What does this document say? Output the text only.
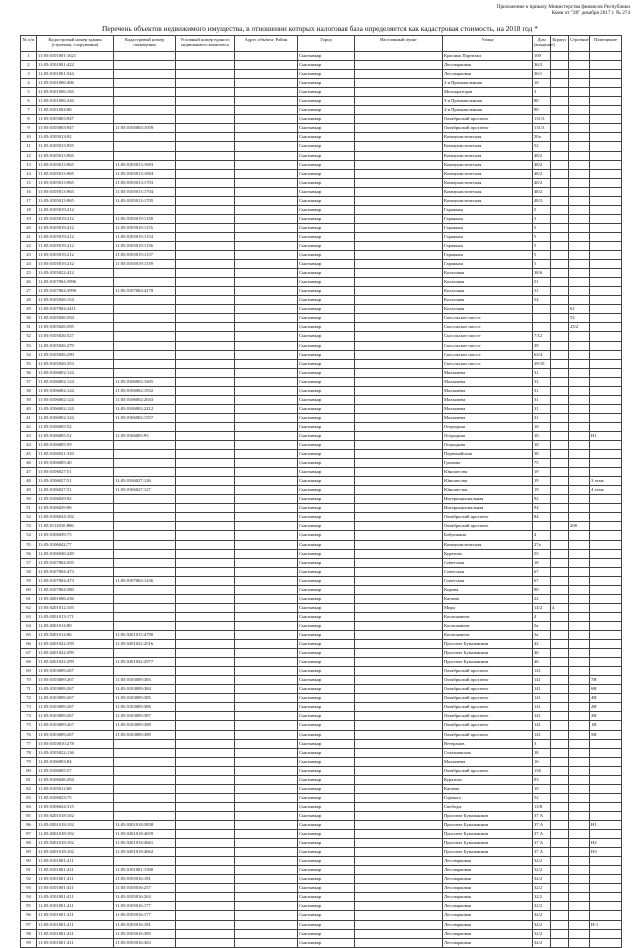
Приложение к приказу Министерства финансов Республики
Коми от "28" декабря 2017 г. № 274
Перечень объектов недвижимого имущества, в отношении которых налоговая база определяется как кадастровая стоимость, на 2018 год *
№ п/п	Кадастровый номер здания (строения, сооружения)	Кадастровый номер помещения	Условный номер единого недвижимого комплекса	Адрес объекта: Район	Город	Населенный пункт	Улица	Дом (владение)	Корпус	Строение	Помещение
1	11:05:0101001:1621				Сыктывкар		Красных Партизан	100			
2	11:05:0101001:422				Сыктывкар		Лесопарковая	36/2			
3	11:05:0101001:544				Сыктывкар		Лесопарковая	36/1			
4	11:05:0101006:406				Сыктывкар		2-я Промышленная	10			
5	11:05:0101006:165				Сыктывкар		Мелиораторов	3			
6	11:05:0101006:326				Сыктывкар		3-я Промышленная	80			
7	11:05:0101004:86				Сыктывкар		4-я Промышленная	80			
8	11:05:0105003:947				Сыктывкар		Октябрьский проспект	131/3			
9	11:05:0105003:947	11:05:0105003:1059			Сыктывкар		Октябрьский проспект	131/3			
10	11:05:0105013:92				Сыктывкар		Коммунистическая	50а			
11	11:05:0105013:955				Сыктывкар		Коммунистическая	52			
12	11:05:0105013:965				Сыктывкар		Коммунистическая	48/2			
13	11:05:0105013:965	11:05:0105013:1693			Сыктывкар		Коммунистическая	48/2			
14	11:05:0105013:965	11:05:0105013:1694			Сыктывкар		Коммунистическая	48/2			
15	11:05:0105013:965	11:05:0105013:1703			Сыктывкар		Коммунистическая	48/2			
16	11:05:0105013:965	11:05:0105013:1704			Сыктывкар		Коммунистическая	48/2			
17	11:05:0105013:965	11:05:0105013:1705			Сыктывкар		Коммунистическая	48/2			
18	11:05:0105019:212				Сыктывкар		Гаражная	5			
19	11:05:0105019:212	11:05:0105019:1158			Сыктывкар		Гаражная	5			
20	11:05:0105019:212	11:05:0105019:1155			Сыктывкар		Гаражная	5			
21	11:05:0105019:212	11:05:0105019:1154			Сыктывкар		Гаражная	5			
22	11:05:0105019:212	11:05:0105019:1156			Сыктывкар		Гаражная	5			
23	11:05:0105019:212	11:05:0105019:1157			Сыктывкар		Гаражная	5			
24	11:05:0105019:212	11:05:0105019:1159			Сыктывкар		Гаражная	5			
25	11:05:0105022:412				Сыктывкар		Колхозная	38/6			
26	11:05:0107004:3996				Сыктывкар		Колхозная	51			
27	11:05:0107004:3996	11:05:0107004:4178			Сыктывкар		Колхозная	51			
28	11:05:0105026:154				Сыктывкар		Колхозная	54			
29	11:05:0107004:2411				Сыктывкар		Колхозная			61	
30	11:05:0105026:594				Сыктывкар		Сысольское шоссе			53	
31	11:05:0105026:595				Сыктывкар		Сысольское шоссе			23/2	
32	11:05:0105026:527				Сыктывкар		Сысольское шоссе	7/12			
33	11:05:0105026:279				Сыктывкар		Сысольское шоссе	39			
34	11:05:0105026:290				Сыктывкар		Сысольское шоссе	63/4			
35	11:05:0105026:353				Сыктывкар		Сысольское шоссе	29/10			
36	11:05:0106002:124				Сыктывкар		Малышева	31			
37	11:05:0106002:124	11:05:0106002:1605			Сыктывкар		Малышева	31			
38	11:05:0106002:124	11:05:0106002:1932			Сыктывкар		Малышева	31			
39	11:05:0106002:124	11:05:0106002:2043			Сыктывкар		Малышева	31			
40	11:05:0106002:124	11:05:0106002:2212			Сыктывкар		Малышева	31			
41	11:05:0106002:124	11:05:0106002:1557			Сыктывкар		Малышева	31			
42	11:05:0106005:52				Сыктывкар		Огородная	10			
43	11:05:0106005:52	11:05:0106005:95			Сыктывкар		Огородная	10			Н1
44	11:05:0106005:59				Сыктывкар		Огородная	10			
45	11:05:0106021:310				Сыктывкар		Первомайская	38			
46	11:05:0106005:40				Сыктывкар		Громова	75			
47	11:05:0106027:51				Сыктывкар		Юношества	19			
48	11:05:0106027:51	11:05:0106027:126			Сыктывкар		Юношества	19			3 этаж
49	11:05:0106027:51	11:05:0106027:127			Сыктывкар		Юношества	19			4 этаж
50	11:05:0106029:92				Сыктывкар		Интернациональная	92			
51	11:05:0106029:96				Сыктывкар		Интернациональная	94			
52	11:05:0106034:102				Сыктывкар		Октябрьский проспект	84			
53	11:05:0112010:806				Сыктывкар		Октябрьский проспект			208	
54	11:05:0106039:75				Сыктывкар		Бабушкина	4			
55	11:05:0106042:77				Сыктывкар		Коммунистическая	27а			
56	11:05:0106046:249				Сыктывкар		Куратова	55			
57	11:05:0107004:505				Сыктывкар		Советская	18			
58	11:05:0107004:473				Сыктывкар		Советская	67			
59	11:05:0107004:473	11:05:0107004:1436			Сыктывкар		Советская	67			
60	11:05:0107004:580				Сыктывкар		Кирова	80			
61	11:05:0201006:236				Сыктывкар		Катаева	22			
62	11:05:0201012:105				Сыктывкар		Мира	14/2	4		
63	11:05:0201013:171				Сыктывкар		Космонавтов	4			
64	11:05:0201014:80				Сыктывкар		Космонавтов	5а			
65	11:05:0201014:86	11:05:0201015:4790			Сыктывкар		Космонавтов	5а			
66	11:05:0201022:359	11:05:0201022:2016			Сыктывкар		Проспект Бумажников	42			
67	11:05:0201022:299				Сыктывкар		Проспект Бумажников	46			
68	11:05:0201022:299	11:05:0201022:2977			Сыктывкар		Проспект Бумажников	46			
69	11:05:0103009:267				Сыктывкар		Октябрьский проспект	141			
70	11:05:0103009:267	11:05:0103009:383			Сыктывкар		Октябрьский проспект	141			7Н
71	11:05:0103009:267	11:05:0103009:384			Сыктывкар		Октябрьский проспект	141			6Н
72	11:05:0103009:267	11:05:0103009:385			Сыктывкар		Октябрьский проспект	141			4Н
73	11:05:0103009:267	11:05:0103009:386			Сыктывкар		Октябрьский проспект	141			2Н
74	11:05:0103009:267	11:05:0103009:387			Сыктывкар		Октябрьский проспект	141			3Н
75	11:05:0103009:267	11:05:0103009:388			Сыктывкар		Октябрьский проспект	141			1Н
76	11:05:0103009:267	11:05:0103009:389			Сыктывкар		Октябрьский проспект	141			5Н
77	11:05:0103010:278				Сыктывкар		Ветеранов	3			
78	11:05:0105022:136				Сыктывкар		Стахановская	18			
79	11:05:0106003:84				Сыктывкар		Малышева	16			
80	11:05:0106005:57				Сыктывкар		Октябрьский проспект	156			
81	11:05:0106046:294				Сыктывкар		Куратова	83			
82	11:05:0105012:68				Сыктывкар		Катаева	19			
83	11:05:0106023:75				Сыктывкар		Горького	52			
84	11:05:0106024:315				Сыктывкар		Свободы	13/8			
85	11:05:0201018:102				Сыктывкар		Проспект Бумажников	37 А			
86	11:05:0201018:102	11:05:0201018:3838			Сыктывкар		Проспект Бумажников	37 А			Н1
87	11:05:0201018:102	11:05:0201018:4659			Сыктывкар		Проспект Бумажников	37 А			
88	11:05:0201018:102	11:05:0201018:4661			Сыктывкар		Проспект Бумажников	37 А			Н2
89	11:05:0201018:102	11:05:0201018:4662			Сыктывкар		Проспект Бумажников	37 А			Н3
90	11:05:0101001:411				Сыктывкар		Лесопарковая	32/2			
91	11:05:0101001:411	11:05:0101001:1500			Сыктывкар		Лесопарковая	32/2			
92	11:05:0101001:411	11:05:0105016:181			Сыктывкар		Лесопарковая	32/2			
93	11:05:0101001:411	11:05:0105016:257			Сыктывкар		Лесопарковая	32/2			
94	11:05:0101001:411	11:05:0105016:263			Сыктывкар		Лесопарковая	32/2			
95	11:05:0101001:411	11:05:0105016:177			Сыктывкар		Лесопарковая	32/2			
96	11:05:0101001:411	11:05:0105016:177			Сыктывкар		Лесопарковая	32/2			
97	11:05:0101001:411	11:05:0105016:181			Сыктывкар		Лесопарковая	32/2			Н-1
98	11:05:0101001:411	11:05:0105016:385			Сыктывкар		Лесопарковая	32/2			
99	11:05:0101001:411	11:05:0105016:363			Сыктывкар		Лесопарковая	32/2			
